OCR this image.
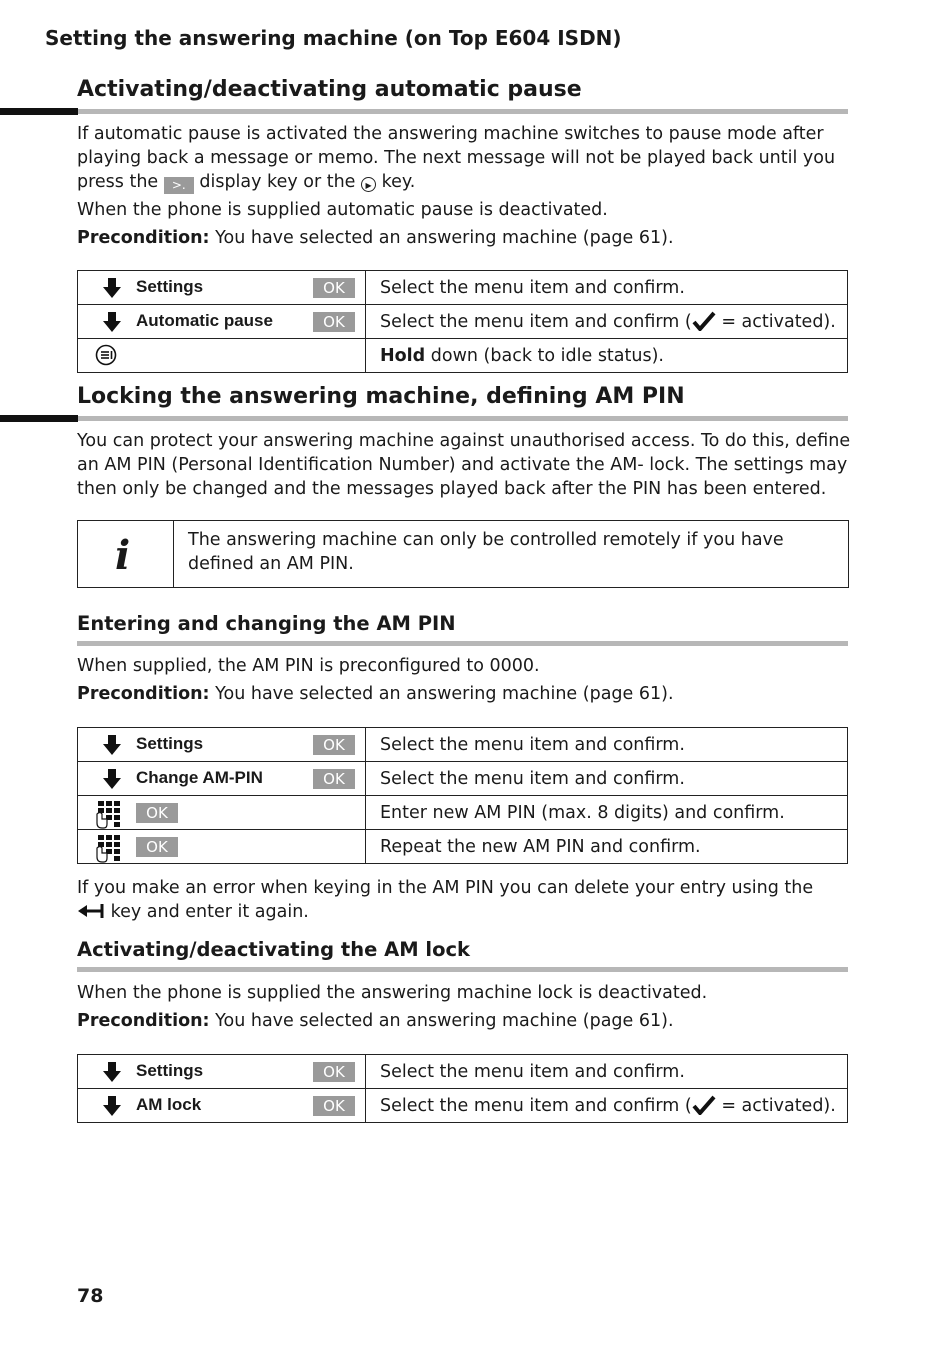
Setting the answering machine (on Top E604 ISDN)
Activating/deactivating automatic pause
If automatic pause is activated the answering machine switches to pause mode after
playing back a message or memo. The next message will not be played back until you
press the >. display key or the ▶ key.
When the phone is supplied automatic pause is deactivated.
Precondition: You have selected an answering machine (page 61).
Settings OK	Select the menu item and confirm.

Automatic pause OK	Select the menu item and confirm ( = activated).

	Hold down (back to idle status).
Locking the answering machine, defining AM PIN
You can protect your answering machine against unauthorised access. To do this, define
an AM PIN (Personal Identification Number) and activate the AM- lock. The settings may
then only be changed and the messages played back after the PIN has been entered.
i	The answering machine can only be controlled remotely if you have
defined an AM PIN.
Entering and changing the AM PIN
When supplied, the AM PIN is preconfigured to 0000.
Precondition: You have selected an answering machine (page 61).
Settings OK	Select the menu item and confirm.

Change AM-PIN OK	Select the menu item and confirm.

OK	Enter new AM PIN (max. 8 digits) and confirm.

OK	Repeat the new AM PIN and confirm.
If you make an error when keying in the AM PIN you can delete your entry using the
key and enter it again.
Activating/deactivating the AM lock
When the phone is supplied the answering machine lock is deactivated.
Precondition: You have selected an answering machine (page 61).
Settings OK	Select the menu item and confirm.

AM lock OK	Select the menu item and confirm ( = activated).
78
